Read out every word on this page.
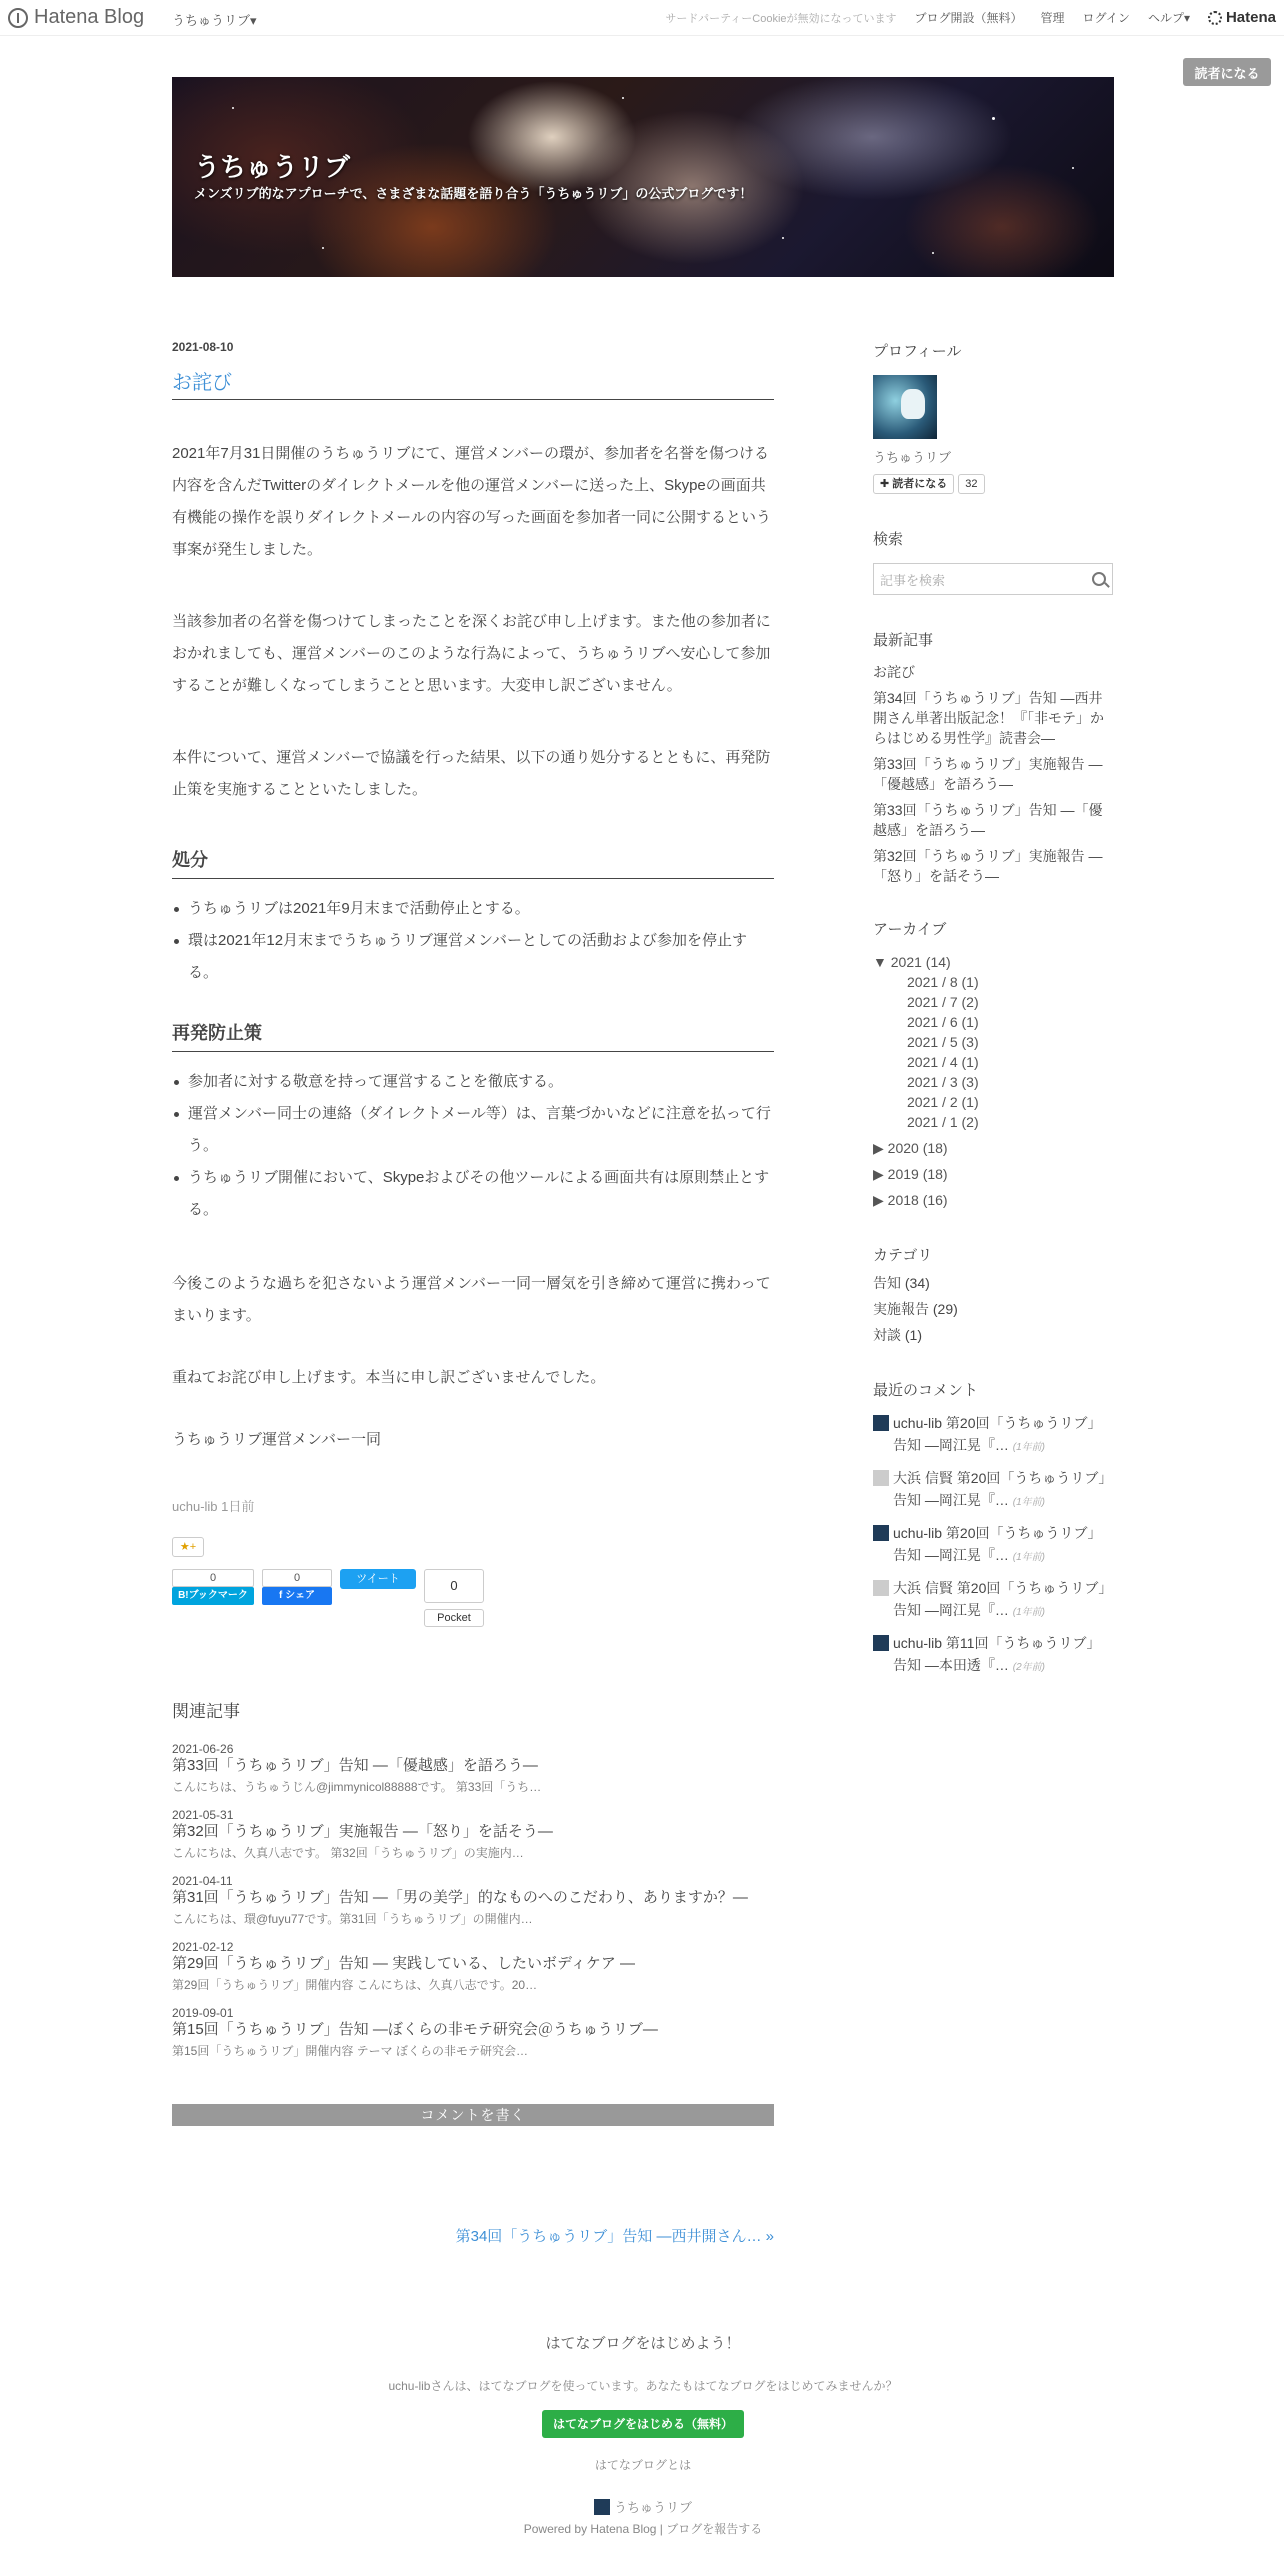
Hatena Blog うちゅうリブ▾	サードパーティーCookieが無効になっています ブログ開設（無料） 管理 ログイン ヘルプ▾ Hatena
読者になる
うちゅうリブ
メンズリブ的なアプローチで、さまざまな話題を語り合う「うちゅうリブ」の公式ブログです！
2021-08-10
お詫び

2021年7月31日開催のうちゅうリブにて、運営メンバーの環が、参加者を名誉を傷つける内容を含んだTwitterのダイレクトメールを他の運営メンバーに送った上、Skypeの画面共有機能の操作を誤りダイレクトメールの内容の写った画面を参加者一同に公開するという事案が発生しました。

当該参加者の名誉を傷つけてしまったことを深くお詫び申し上げます。また他の参加者におかれましても、運営メンバーのこのような行為によって、うちゅうリブへ安心して参加することが難しくなってしまうことと思います。大変申し訳ございません。

本件について、運営メンバーで協議を行った結果、以下の通り処分するとともに、再発防止策を実施することといたしました。

処分
うちゅうリブは2021年9月末まで活動停止とする。
環は2021年12月末までうちゅうリブ運営メンバーとしての活動および参加を停止する。
再発防止策
参加者に対する敬意を持って運営することを徹底する。
運営メンバー同士の連絡（ダイレクトメール等）は、言葉づかいなどに注意を払って行う。
うちゅうリブ開催において、Skypeおよびその他ツールによる画面共有は原則禁止とする。

今後このような過ちを犯さないよう運営メンバー一同一層気を引き締めて運営に携わってまいります。

重ねてお詫び申し上げます。本当に申し訳ございませんでした。

うちゅうリブ運営メンバー一同

uchu-lib 1日前
★+
0
B!ブックマーク
0
f シェア
ツイート	0
Pocket
関連記事
2021-06-26
第33回「うちゅうリブ」告知 ―「優越感」を語ろう―
こんにちは、うちゅうじん@jimmynicol88888です。 第33回「うち…
2021-05-31
第32回「うちゅうリブ」実施報告 ―「怒り」を話そう―
こんにちは、久真八志です。 第32回「うちゅうリブ」の実施内…
2021-04-11
第31回「うちゅうリブ」告知 ―「男の美学」的なものへのこだわり、ありますか？―
こんにちは、環@fuyu77です。第31回「うちゅうリブ」の開催内…
2021-02-12
第29回「うちゅうリブ」告知 ― 実践している、したいボディケア ―
第29回「うちゅうリブ」開催内容 こんにちは、久真八志です。20…
2019-09-01
第15回「うちゅうリブ」告知 ―ぼくらの非モテ研究会＠うちゅうリブ―
第15回「うちゅうリブ」開催内容 テーマ ぼくらの非モテ研究会…
コメントを書く
第34回「うちゅうリブ」告知 ―西井開さん… »
プロフィール
うちゅうリブ
✚ 読者になる	32
検索
記事を検索
最新記事
お詫び
第34回「うちゅうリブ」告知 ―西井開さん単著出版記念！『「非モテ」からはじめる男性学』読書会―
第33回「うちゅうリブ」実施報告 ―「優越感」を語ろう―
第33回「うちゅうリブ」告知 ―「優越感」を語ろう―
第32回「うちゅうリブ」実施報告 ―「怒り」を話そう―
アーカイブ
▼ 2021 (14)
2021 / 8 (1)
2021 / 7 (2)
2021 / 6 (1)
2021 / 5 (3)
2021 / 4 (1)
2021 / 3 (3)
2021 / 2 (1)
2021 / 1 (2)
▶ 2020 (18)
▶ 2019 (18)
▶ 2018 (16)
カテゴリ
告知 (34)
実施報告 (29)
対談 (1)
最近のコメント
uchu-lib 第20回「うちゅうリブ」告知 ―岡江晃『… (1年前)
大浜 信賢 第20回「うちゅうリブ」告知 ―岡江晃『… (1年前)
uchu-lib 第20回「うちゅうリブ」告知 ―岡江晃『… (1年前)
大浜 信賢 第20回「うちゅうリブ」告知 ―岡江晃『… (1年前)
uchu-lib 第11回「うちゅうリブ」告知 ―本田透『… (2年前)
はてなブログをはじめよう！
uchu-libさんは、はてなブログを使っています。あなたもはてなブログをはじめてみませんか？
はてなブログをはじめる（無料）
はてなブログとは
うちゅうリブ
Powered by Hatena Blog | ブログを報告する
